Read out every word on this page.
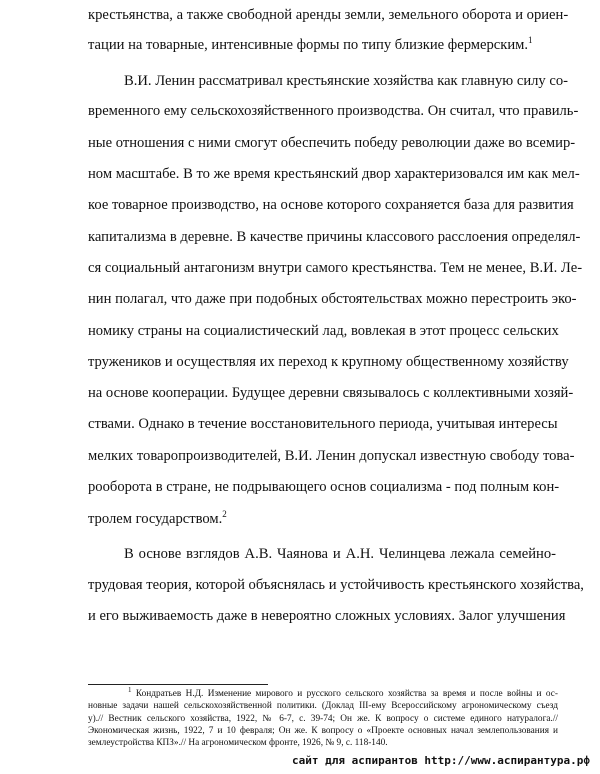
крестьянства, а также свободной аренды земли, земельного оборота и ориен-
тации на товарные, интенсивные формы по типу близкие фермерским.$^1$
В.И. Ленин рассматривал крестьянские хозяйства как главную силу со-
временного ему сельскохозяйственного производства. Он считал, что правиль-
ные отношения с ними смогут обеспечить победу революции даже во всемир-
ном масштабе. В то же время крестьянский двор характеризовался им как мел-
кое товарное производство, на основе которого сохраняется база для развития
капитализма в деревне. В качестве причины классового расслоения определял-
ся социальный антагонизм внутри самого крестьянства. Тем не менее, В.И. Ле-
нин полагал, что даже при подобных обстоятельствах можно перестроить эко-
номику страны на социалистический лад, вовлекая в этот процесс сельских
тружеников и осуществляя их переход к крупному общественному хозяйству
на основе кооперации. Будущее деревни связывалось с коллективными хозяй-
ствами. Однако в течение восстановительного периода, учитывая интересы
мелких товаропроизводителей, В.И. Ленин допускал известную свободу това-
рооборота в стране, не подрывающего основ социализма - под полным кон-
тролем государством.$^2$
В основе взглядов А.В. Чаянова и А.Н. Челинцева лежала семейно-
трудовая теория, которой объяснялась и устойчивость крестьянского хозяйства,
и его выживаемость даже в невероятно сложных условиях. Залог улучшения
$^1$ Кондратьев Н.Д. Изменение мирового и русского сельского хозяйства за время и после войны и ос-
новные задачи нашей сельскохозяйственной политики. (Доклад III-ему Всероссийскому агрономическому съезд
у).// Вестник сельского хозяйства, 1922, № 6-7, с. 39-74; Он же. К вопросу о системе единого натуралога.//
Экономическая жизнь, 1922, 7 и 10 февраля; Он же. К вопросу о «Проекте основных начал землепользования и
землеустройства КПЗ».// На агрономическом фронте, 1926, № 9, с. 118-140.
сайт для аспирантов http://www.аспирантура.рф
